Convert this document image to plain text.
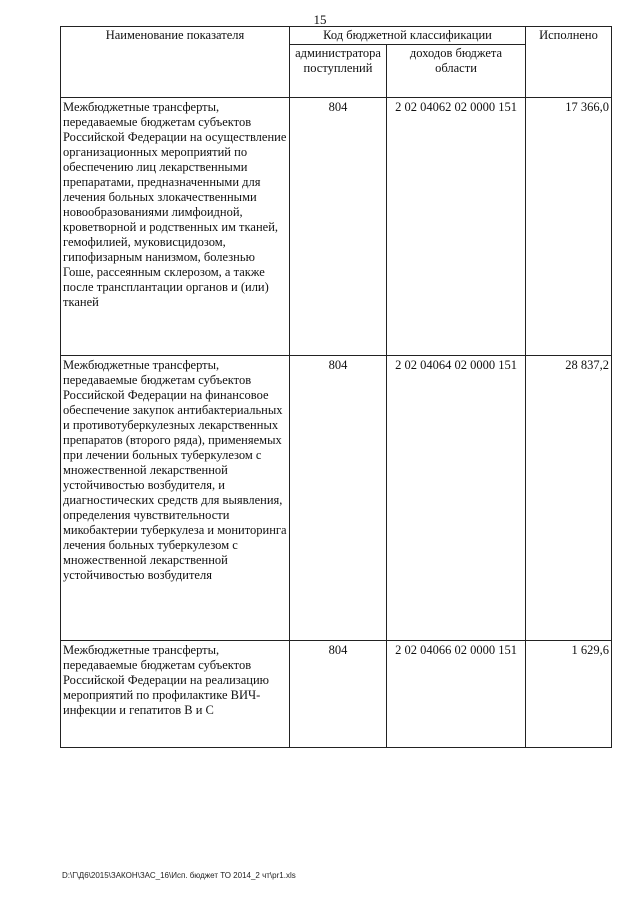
15
Наименование показателя	Код бюджетной классификации		Исполнено
	администратора поступлений	доходов бюджета области	
Межбюджетные трансферты, передаваемые бюджетам субъектов Российской Федерации на осуществление организационных мероприятий по обеспечению лиц лекарственными препаратами, предназначенными для лечения больных злокачественными новообразованиями лимфоидной, кроветворной и родственных им тканей, гемофилией, муковисцидозом, гипофизарным нанизмом, болезнью Гоше, рассеянным склерозом, а также после трансплантации органов и (или) тканей	804	2 02 04062 02 0000 151	17 366,0
Межбюджетные трансферты, передаваемые бюджетам субъектов Российской Федерации на финансовое обеспечение закупок антибактериальных и противотуберкулезных лекарственных препаратов (второго ряда), применяемых при лечении больных туберкулезом с множественной лекарственной устойчивостью возбудителя, и диагностических средств для выявления, определения чувствительности микобактерии туберкулеза и мониторинга лечения больных туберкулезом с множественной лекарственной устойчивостью возбудителя	804	2 02 04064 02 0000 151	28 837,2
Межбюджетные трансферты, передаваемые бюджетам субъектов Российской Федерации на реализацию мероприятий по профилактике ВИЧ-инфекции и гепатитов В и С	804	2 02 04066 02 0000 151	1 629,6
D:\Г\Д6\2015\ЗАКОН\ЗАС_16\Исп. бюджет ТО 2014_2 чт\pr1.xls
